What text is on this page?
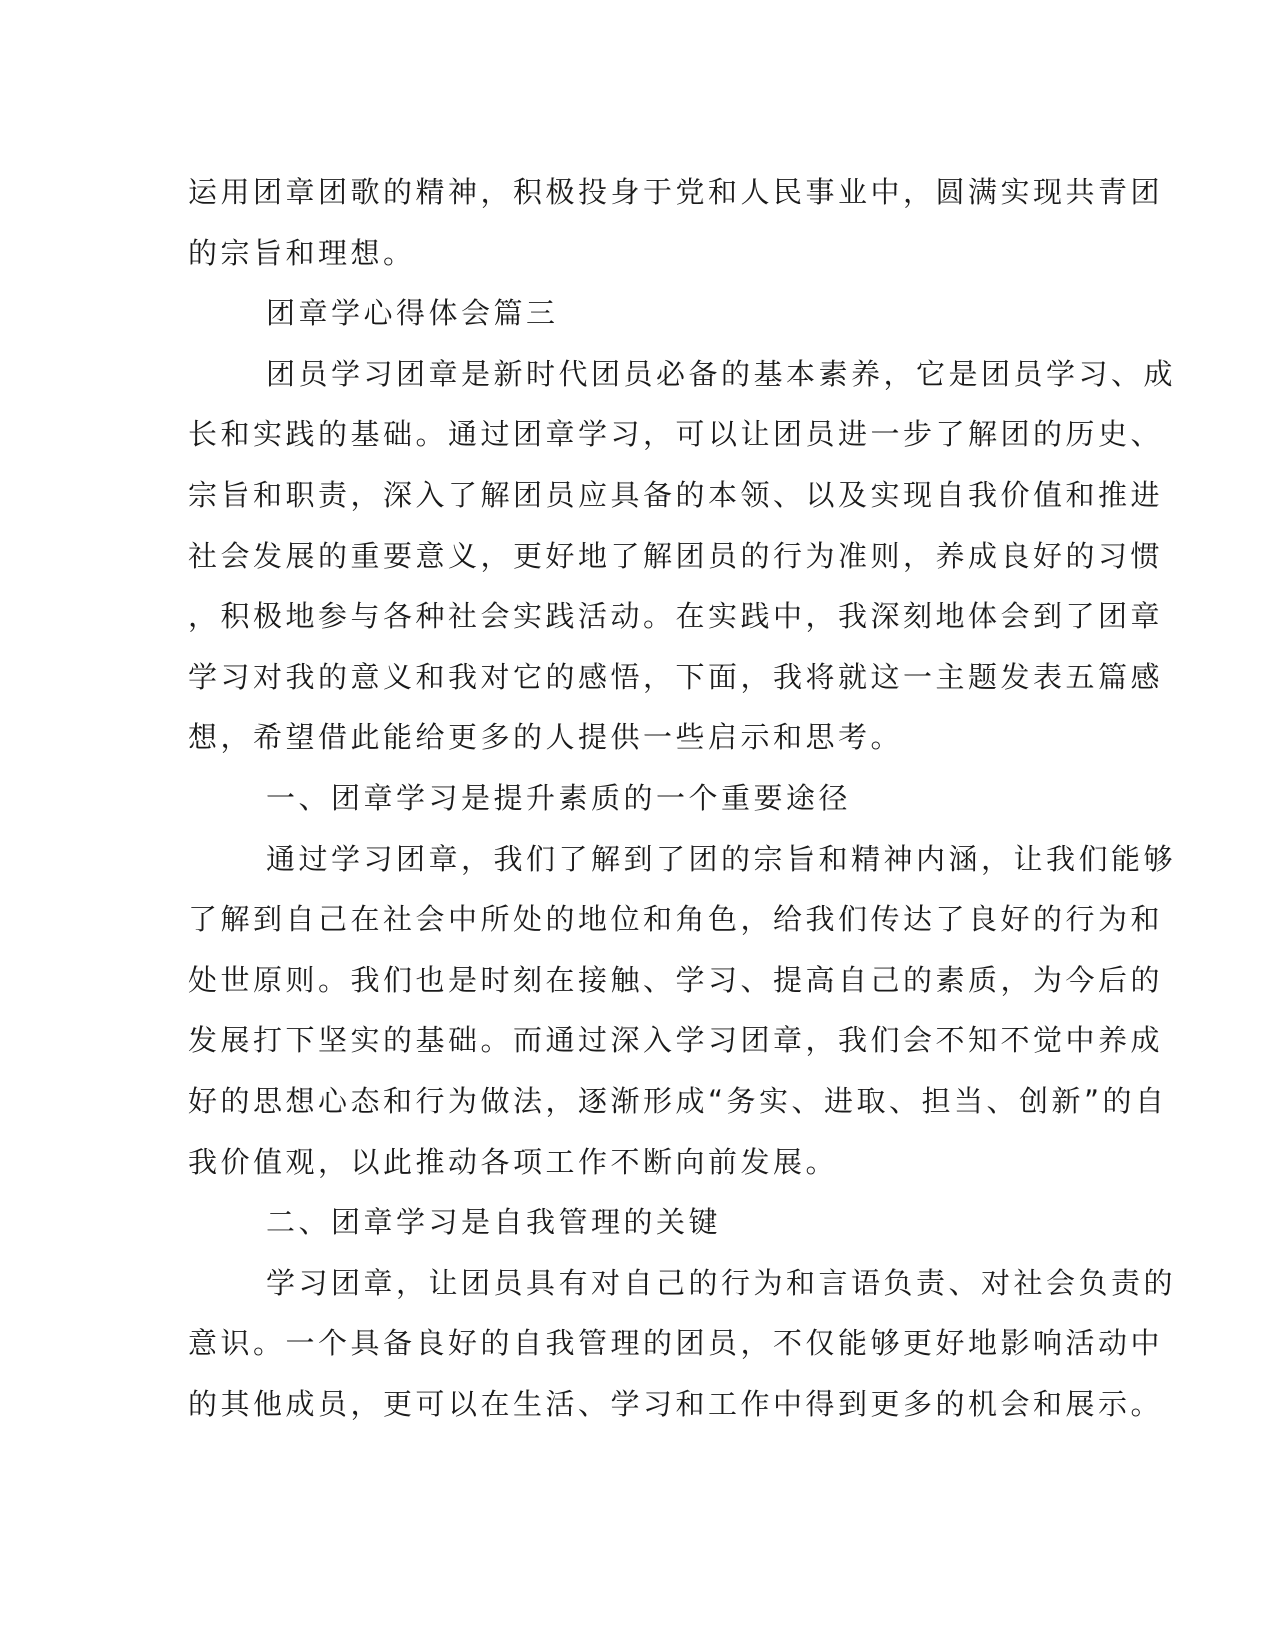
运用团章团歌的精神，积极投身于党和人民事业中，圆满实现共青团
的宗旨和理想。
团章学心得体会篇三
团员学习团章是新时代团员必备的基本素养，它是团员学习、成
长和实践的基础。通过团章学习，可以让团员进一步了解团的历史、
宗旨和职责，深入了解团员应具备的本领、以及实现自我价值和推进
社会发展的重要意义，更好地了解团员的行为准则，养成良好的习惯
，积极地参与各种社会实践活动。在实践中，我深刻地体会到了团章
学习对我的意义和我对它的感悟，下面，我将就这一主题发表五篇感
想，希望借此能给更多的人提供一些启示和思考。
一、团章学习是提升素质的一个重要途径
通过学习团章，我们了解到了团的宗旨和精神内涵，让我们能够
了解到自己在社会中所处的地位和角色，给我们传达了良好的行为和
处世原则。我们也是时刻在接触、学习、提高自己的素质，为今后的
发展打下坚实的基础。而通过深入学习团章，我们会不知不觉中养成
好的思想心态和行为做法，逐渐形成“务实、进取、担当、创新”的自
我价值观，以此推动各项工作不断向前发展。
二、团章学习是自我管理的关键
学习团章，让团员具有对自己的行为和言语负责、对社会负责的
意识。一个具备良好的自我管理的团员，不仅能够更好地影响活动中
的其他成员，更可以在生活、学习和工作中得到更多的机会和展示。
